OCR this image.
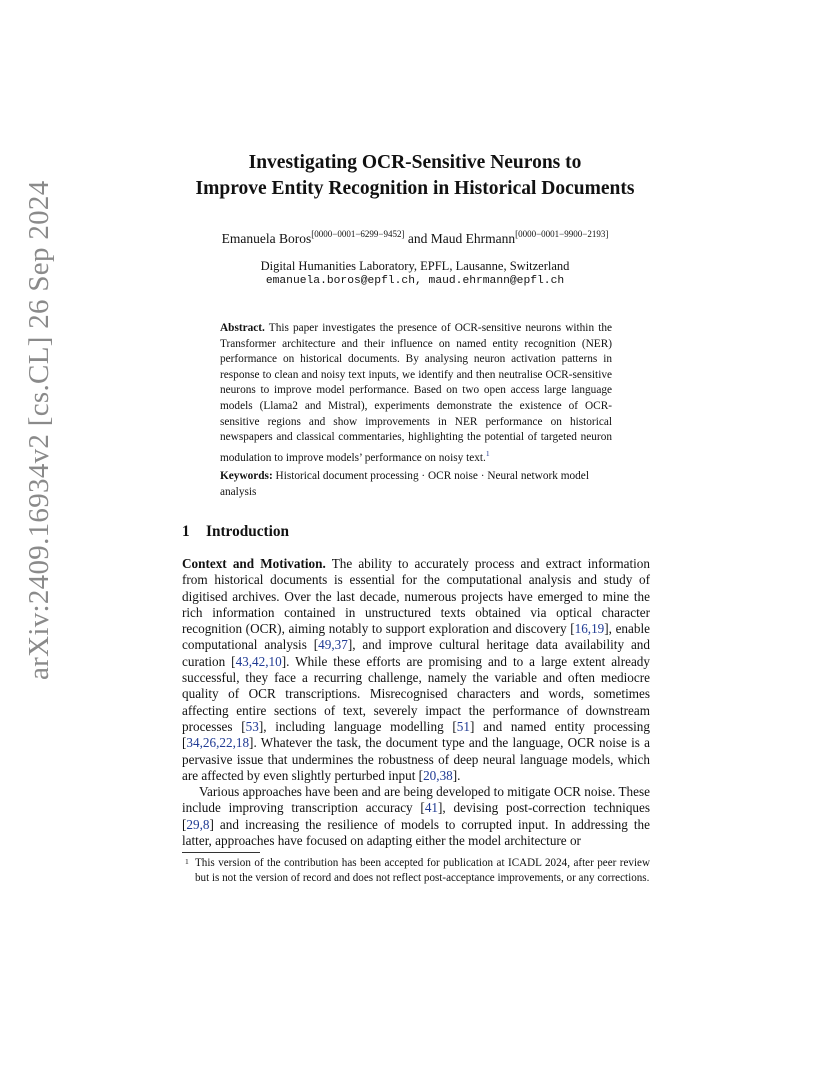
arXiv:2409.16934v2 [cs.CL] 26 Sep 2024
Investigating OCR-Sensitive Neurons to
Improve Entity Recognition in Historical Documents
Emanuela Boros[0000−0001−6299−9452] and Maud Ehrmann[0000−0001−9900−2193]
Digital Humanities Laboratory, EPFL, Lausanne, Switzerland
emanuela.boros@epfl.ch, maud.ehrmann@epfl.ch
Abstract. This paper investigates the presence of OCR-sensitive neurons within the Transformer architecture and their influence on named entity recognition (NER) performance on historical documents. By analysing neuron activation patterns in response to clean and noisy text inputs, we identify and then neutralise OCR-sensitive neurons to improve model performance. Based on two open access large language models (Llama2 and Mistral), experiments demonstrate the existence of OCR-sensitive regions and show improvements in NER performance on historical newspapers and classical commentaries, highlighting the potential of targeted neuron modulation to improve models’ performance on noisy text.$^1$
Keywords: Historical document processing · OCR noise · Neural network model analysis
1 Introduction

Context and Motivation. The ability to accurately process and extract information from historical documents is essential for the computational analysis and study of digitised archives. Over the last decade, numerous projects have emerged to mine the rich information contained in unstructured texts obtained via optical character recognition (OCR), aiming notably to support exploration and discovery [16,19], enable computational analysis [49,37], and improve cultural heritage data availability and curation [43,42,10]. While these efforts are promising and to a large extent already successful, they face a recurring challenge, namely the variable and often mediocre quality of OCR transcriptions. Misrecognised characters and words, sometimes affecting entire sections of text, severely impact the performance of downstream processes [53], including language modelling [51] and named entity processing [34,26,22,18]. Whatever the task, the document type and the language, OCR noise is a pervasive issue that undermines the robustness of deep neural language models, which are affected by even slightly perturbed input [20,38].

Various approaches have been and are being developed to mitigate OCR noise. These include improving transcription accuracy [41], devising post-correction techniques [29,8] and increasing the resilience of models to corrupted input. In addressing the latter, approaches have focused on adapting either the model architecture or

1 This version of the contribution has been accepted for publication at ICADL 2024, after peer review but is not the version of record and does not reflect post-acceptance improvements, or any corrections.
